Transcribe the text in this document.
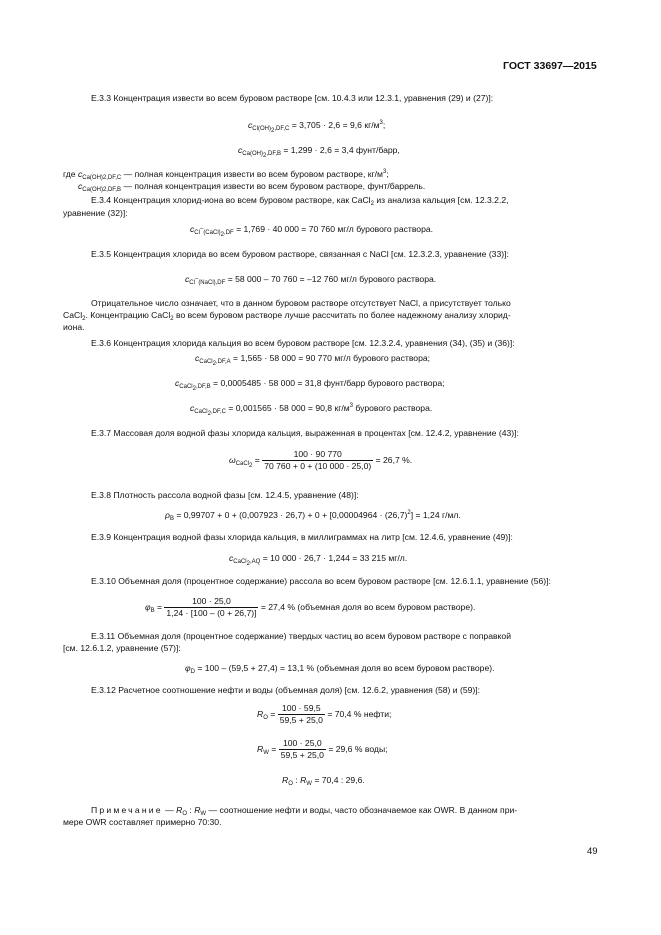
ГОСТ 33697—2015
Е.3.3 Концентрация извести во всем буровом растворе [см. 10.4.3 или 12.3.1, уравнения (29) и (27)]:
$c_{Cl(OH)_2,DF,C} = 3,705 \cdot 2,6 = 9,6$ $кг/м^3$;
$c_{Ca(OH)_2,DF,B} = 1,299 \cdot 2,6 = 3,4$ фунт/барр,
где $c_{Ca(OH)2,DF,C}$ — полная концентрация извести во всем буровом растворе, $кг/м^3$;
$c_{Ca(OH)2,DF,B}$ — полная концентрация извести во всем буровом растворе, фунт/баррель.
Е.3.4 Концентрация хлорид-иона во всем буровом растворе, как CaCl$_2$ из анализа кальция [см. 12.3.2.2,
уравнение (32)]:
$c_{Cl^-(CaCl)_2,DF} = 1,769 \cdot 40$ 000 = 70 760 мг/л бурового раствора.
Е.3.5 Концентрация хлорида во всем буровом растворе, связанная с NaCl [см. 12.3.2.3, уравнение (33)]:
$c_{Cl^-(NaCl),DF} = 58$ 000 – 70 760 = –12 760 мг/л бурового раствора.
Отрицательное число означает, что в данном буровом растворе отсутствует NaCl, а присутствует только
CaCl$_2$. Концентрацию CaCl$_2$ во всем буровом растворе лучше рассчитать по более надежному анализу хлорид-
иона.
Е.3.6 Концентрация хлорида кальция во всем буровом растворе [см. 12.3.2.4, уравнения (34), (35) и (36)]:
$c_{CaCl_2,DF,A} = 1,565 \cdot 58$ 000 = 90 770 мг/л бурового раствора;
$c_{CaCl_2,DF,B} = 0,0005485 \cdot 58$ 000 = 31,8 фунт/барр бурового раствора;
$c_{CaCl_2,DF,C} = 0,001565 \cdot 58$ 000 = 90,8 $кг/м^3$ бурового раствора.
Е.3.7 Массовая доля водной фазы хлорида кальция, выраженная в процентах [см. 12.4.2, уравнение (43)]:
$\omega_{CaCl_2} = \frac{100 \cdot 90 770}{70 760 + 0 + (10 000 \cdot 25,0)} = 26,7$ %.
Е.3.8 Плотность рассола водной фазы [см. 12.4.5, уравнение (48)]:
$\rho_B = 0,99707 + 0 + (0,007923 \cdot 26,7) + 0 + [0,00004964 \cdot (26,7)^2] = 1,24$ г/мл.
Е.3.9 Концентрация водной фазы хлорида кальция, в миллиграммах на литр [см. 12.4.6, уравнение (49)]:
$c_{CaCl_2,AQ} = 10$ 000 · 26,7 · 1,244 = 33 215 мг/л.
Е.3.10 Объемная доля (процентное содержание) рассола во всем буровом растворе [см. 12.6.1.1, уравнение (56)]:
$\varphi_B = \frac{100 \cdot 25,0}{1,24 \cdot [100 - (0 + 26,7)]} = 27,4$ % (объемная доля во всем буровом растворе).
Е.3.11 Объемная доля (процентное содержание) твердых частиц во всем буровом растворе с поправкой
[см. 12.6.1.2, уравнение (57)]:
$\varphi_D = 100 - (59,5 + 27,4) = 13,1$ % (объемная доля во всем буровом растворе).
Е.3.12 Расчетное соотношение нефти и воды (объемная доля) [см. 12.6.2, уравнения (58) и (59)]:
$R_O = \frac{100 \cdot 59,5}{59,5 + 25,0} = 70,4$ % нефти;
$R_W = \frac{100 \cdot 25,0}{59,5 + 25,0} = 29,6$ % воды;
$R_O$ : $R_W = 70,4$ : 29,6.
Примечание — $R_O$ : $R_W$ — соотношение нефти и воды, часто обозначаемое как OWR. В данном при-
мере OWR составляет примерно 70:30.
49
